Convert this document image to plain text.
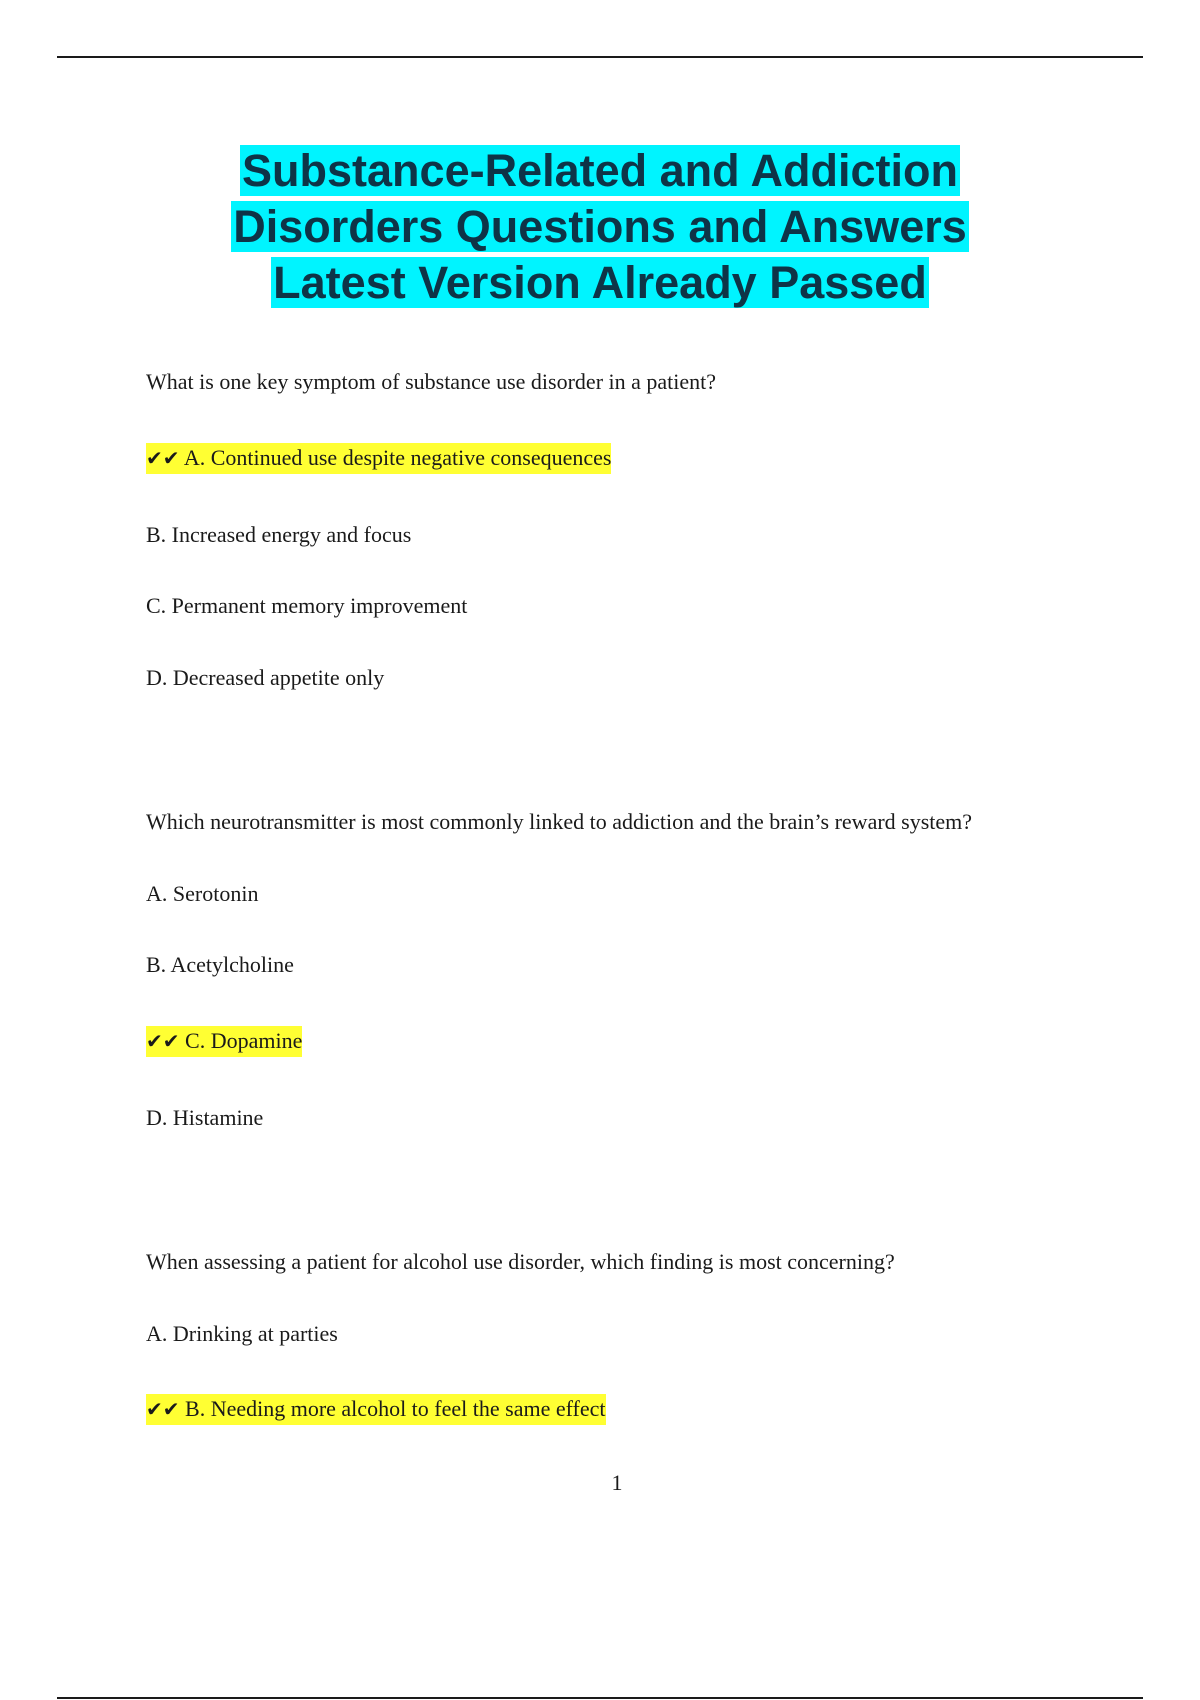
Substance-Related and Addiction
Disorders Questions and Answers
Latest Version Already Passed
What is one key symptom of substance use disorder in a patient?
✔✔ A. Continued use despite negative consequences
B. Increased energy and focus
C. Permanent memory improvement
D. Decreased appetite only
Which neurotransmitter is most commonly linked to addiction and the brain’s reward system?
A. Serotonin
B. Acetylcholine
✔✔ C. Dopamine
D. Histamine
When assessing a patient for alcohol use disorder, which finding is most concerning?
A. Drinking at parties
✔✔ B. Needing more alcohol to feel the same effect
1
